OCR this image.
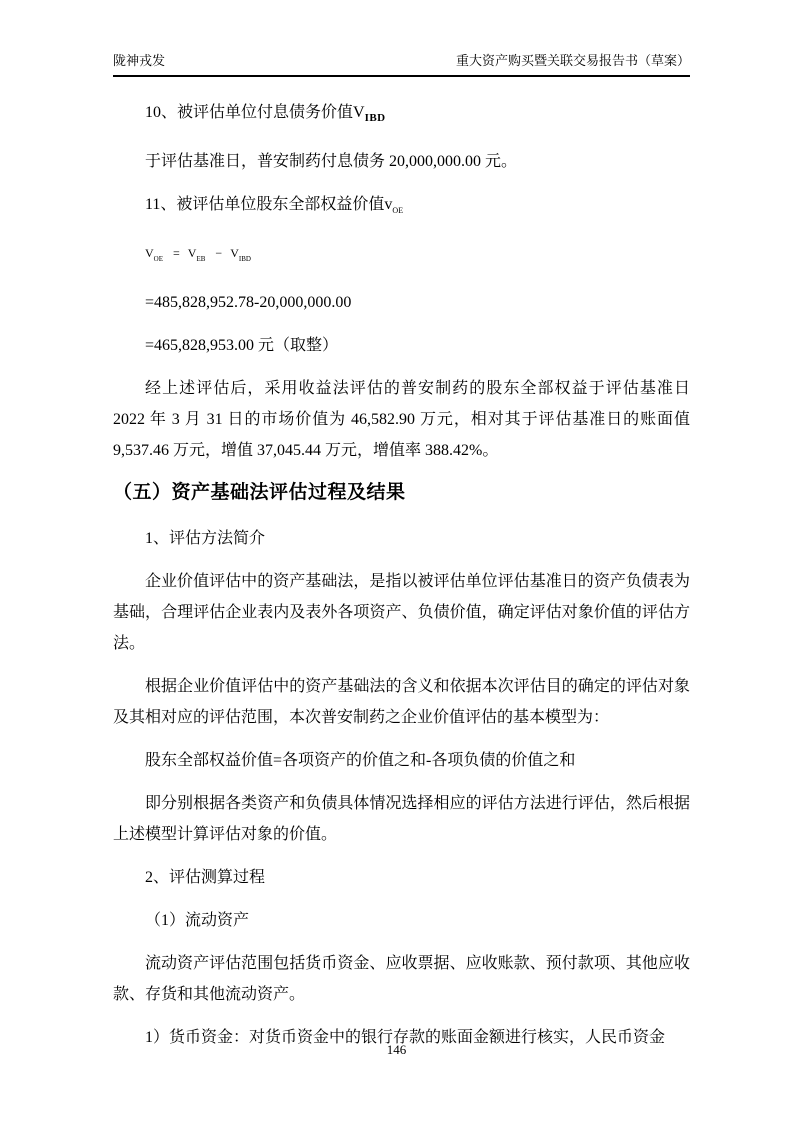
陇神戎发	重大资产购买暨关联交易报告书（草案）

10、被评估单位付息债务价值$V_{IBD}$

于评估基准日，普安制药付息债务 20,000,000.00 元。

11、被评估单位股东全部权益价值$v_{OE}$

$V_{OE} = V_{EB} - V_{IBD}$

=485,828,952.78-20,000,000.00

=465,828,953.00 元（取整）

经上述评估后，采用收益法评估的普安制药的股东全部权益于评估基准日 2022 年 3 月 31 日的市场价值为 46,582.90 万元，相对其于评估基准日的账面值 9,537.46 万元，增值 37,045.44 万元，增值率 388.42%。

（五）资产基础法评估过程及结果

1、评估方法简介

企业价值评估中的资产基础法，是指以被评估单位评估基准日的资产负债表为基础，合理评估企业表内及表外各项资产、负债价值，确定评估对象价值的评估方法。

根据企业价值评估中的资产基础法的含义和依据本次评估目的确定的评估对象及其相对应的评估范围，本次普安制药之企业价值评估的基本模型为：

股东全部权益价值=各项资产的价值之和-各项负债的价值之和

即分别根据各类资产和负债具体情况选择相应的评估方法进行评估，然后根据上述模型计算评估对象的价值。

2、评估测算过程

（1）流动资产

流动资产评估范围包括货币资金、应收票据、应收账款、预付款项、其他应收款、存货和其他流动资产。

1）货币资金：对货币资金中的银行存款的账面金额进行核实，人民币资金

146
